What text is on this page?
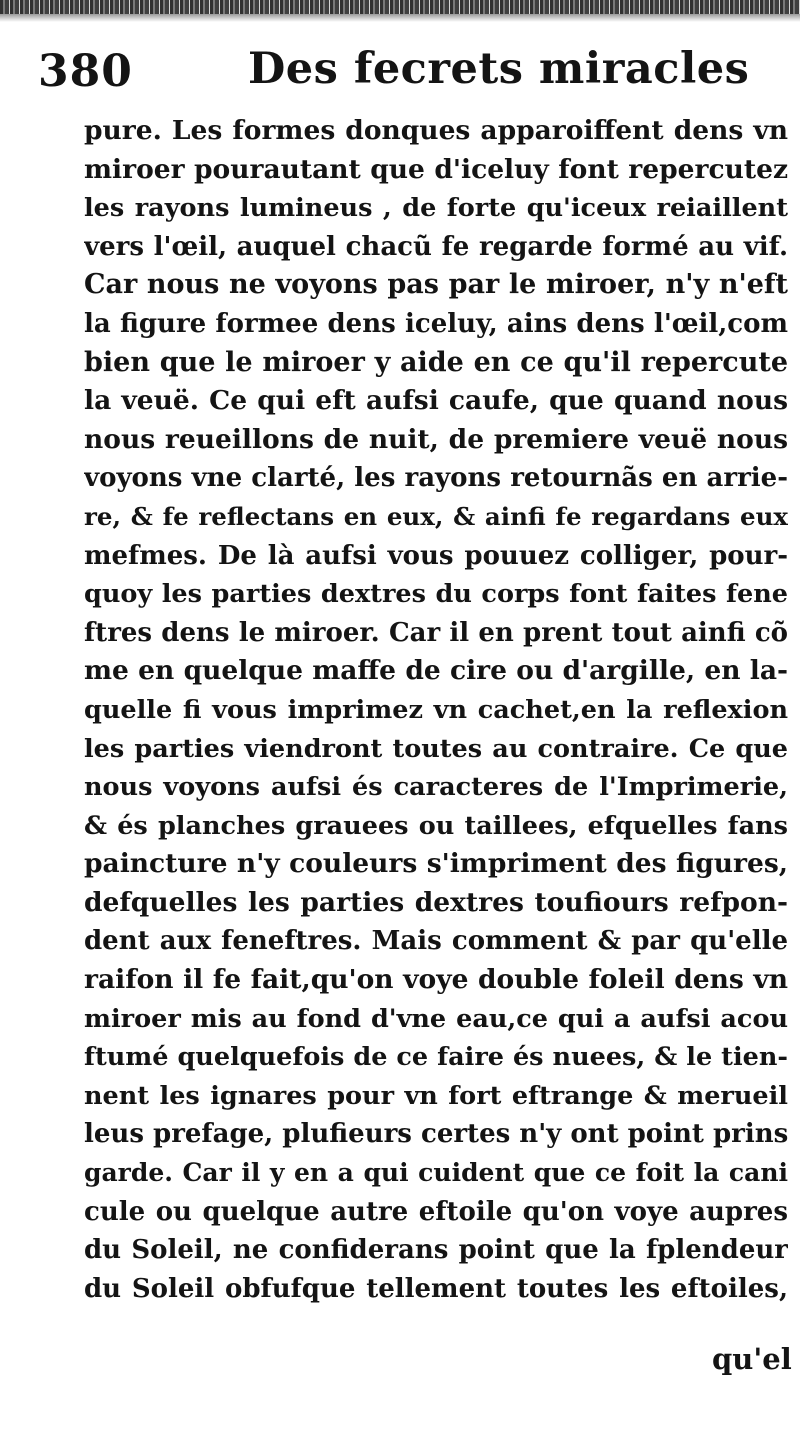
380	Des fecrets miracles
pure. Les formes donques apparoiffent dens vn
miroer pourautant que d'iceluy font repercutez
les rayons lumineus , de forte qu'iceux reiaillent
vers l'œil, auquel chacũ fe regarde formé au vif.
Car nous ne voyons pas par le miroer, n'y n'eft
la figure formee dens iceluy, ains dens l'œil,com
bien que le miroer y aide en ce qu'il repercute
la veuë. Ce qui eft aufsi caufe, que quand nous
nous reueillons de nuit, de premiere veuë nous
voyons vne clarté, les rayons retournãs en arrie-
re, & fe reflectans en eux, & ainfi fe regardans eux
mefmes. De là aufsi vous pouuez colliger, pour-
quoy les parties dextres du corps font faites fene
ftres dens le miroer. Car il en prent tout ainfi cõ
me en quelque maffe de cire ou d'argille, en la-
quelle fi vous imprimez vn cachet,en la reflexion
les parties viendront toutes au contraire. Ce que
nous voyons aufsi és caracteres de l'Imprimerie,
& és planches grauees ou taillees, efquelles fans
paincture n'y couleurs s'impriment des figures,
defquelles les parties dextres toufiours refpon-
dent aux feneftres. Mais comment & par qu'elle
raifon il fe fait,qu'on voye double foleil dens vn
miroer mis au fond d'vne eau,ce qui a aufsi acou
ftumé quelquefois de ce faire és nuees, & le tien-
nent les ignares pour vn fort eftrange & merueil
leus prefage, plufieurs certes n'y ont point prins
garde. Car il y en a qui cuident que ce foit la cani
cule ou quelque autre eftoile qu'on voye aupres
du Soleil, ne confiderans point que la fplendeur
du Soleil obfufque tellement toutes les eftoiles,
qu'el
